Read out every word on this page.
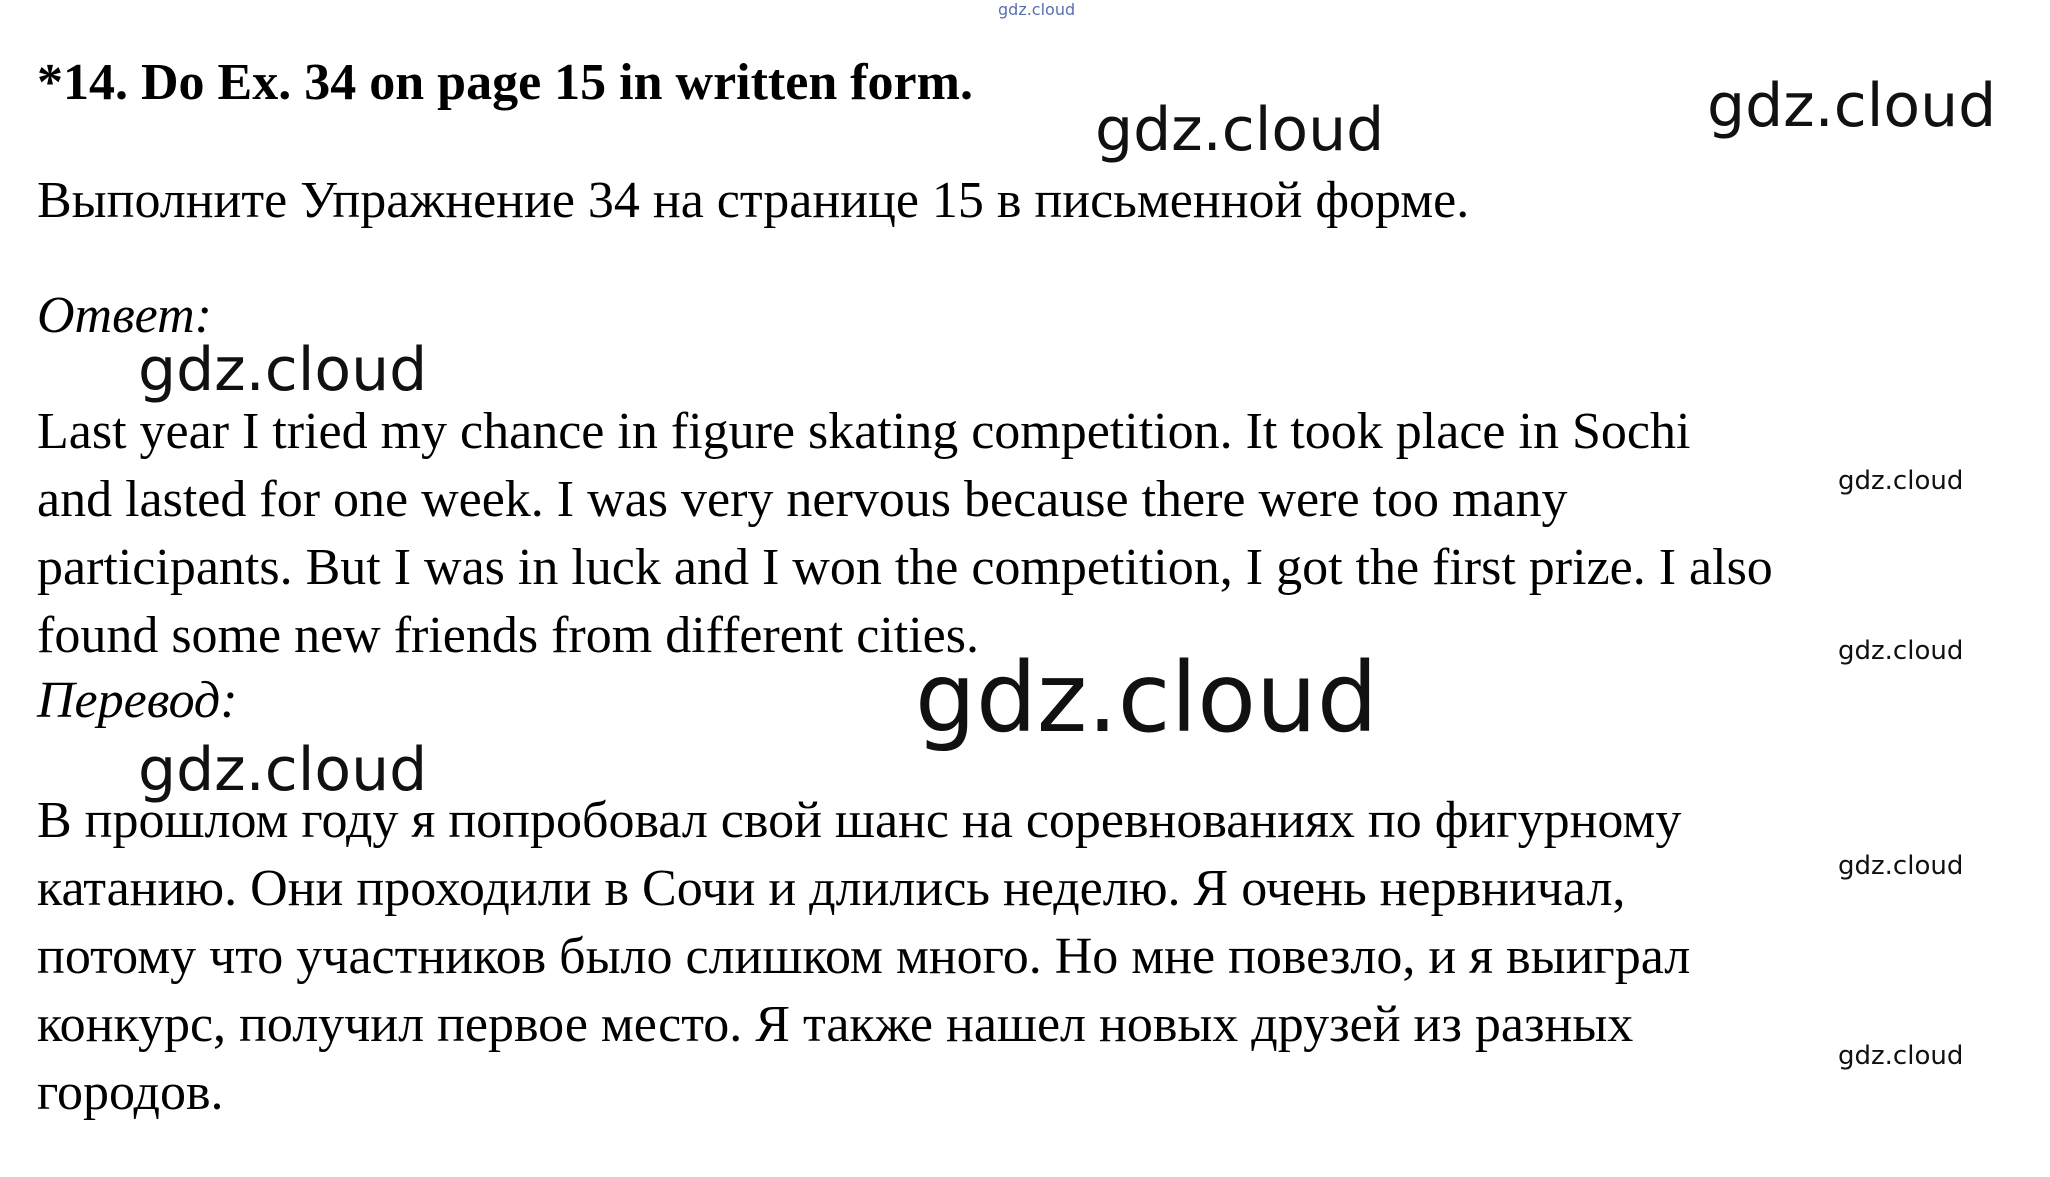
gdz.cloud
gdz.cloud	gdz.cloud
gdz.cloud
gdz.cloud
gdz.cloud
gdz.cloud
gdz.cloud
gdz.cloud
gdz.cloud
*14. Do Ex. 34 on page 15 in written form.
Выполните Упражнение 34 на странице 15 в письменной форме.
Ответ:
Last year I tried my chance in figure skating competition. It took place in Sochi
and lasted for one week. I was very nervous because there were too many
participants. But I was in luck and I won the competition, I got the first prize. I also
found some new friends from different cities.
Перевод:
В прошлом году я попробовал свой шанс на соревнованиях по фигурному
катанию. Они проходили в Сочи и длились неделю. Я очень нервничал,
потому что участников было слишком много. Но мне повезло, и я выиграл
конкурс, получил первое место. Я также нашел новых друзей из разных
городов.
